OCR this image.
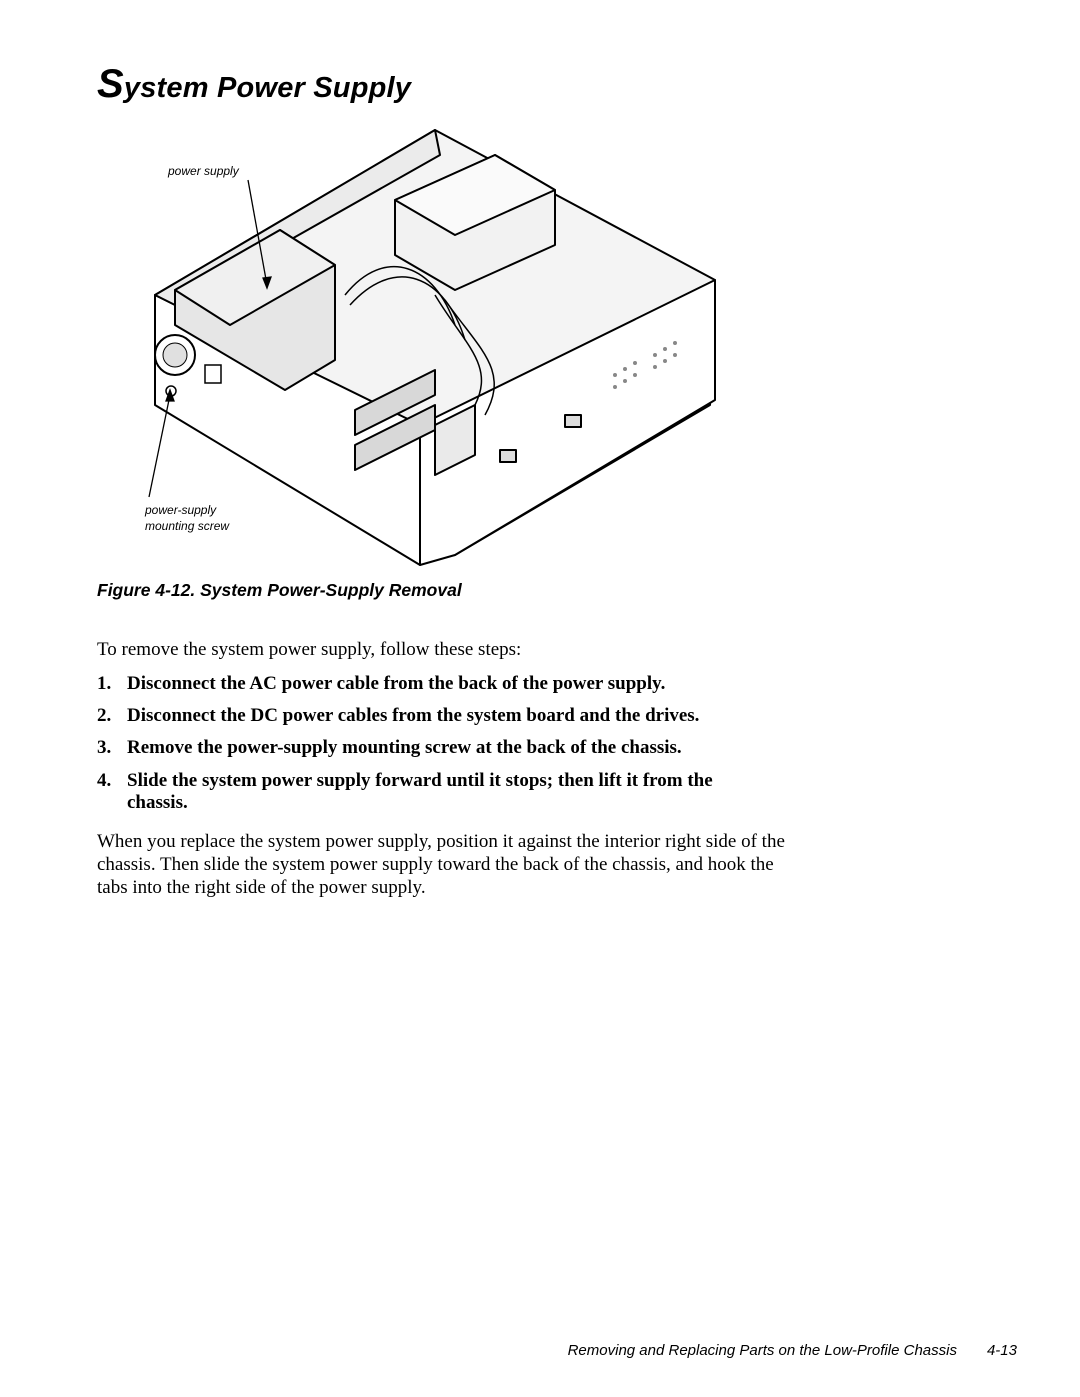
System Power Supply
power supply
power-supply
mounting screw

Figure 4-12. System Power-Supply Removal

To remove the system power supply, follow these steps:

1. Disconnect the AC power cable from the back of the power supply.
2. Disconnect the DC power cables from the system board and the drives.
3. Remove the power-supply mounting screw at the back of the chassis.
4. Slide the system power supply forward until it stops; then lift it from the chassis.

When you replace the system power supply, position it against the interior right side of the chassis. Then slide the system power supply toward the back of the chassis, and hook the tabs into the right side of the power supply.

Removing and Replacing Parts on the Low-Profile Chassis 4-13
